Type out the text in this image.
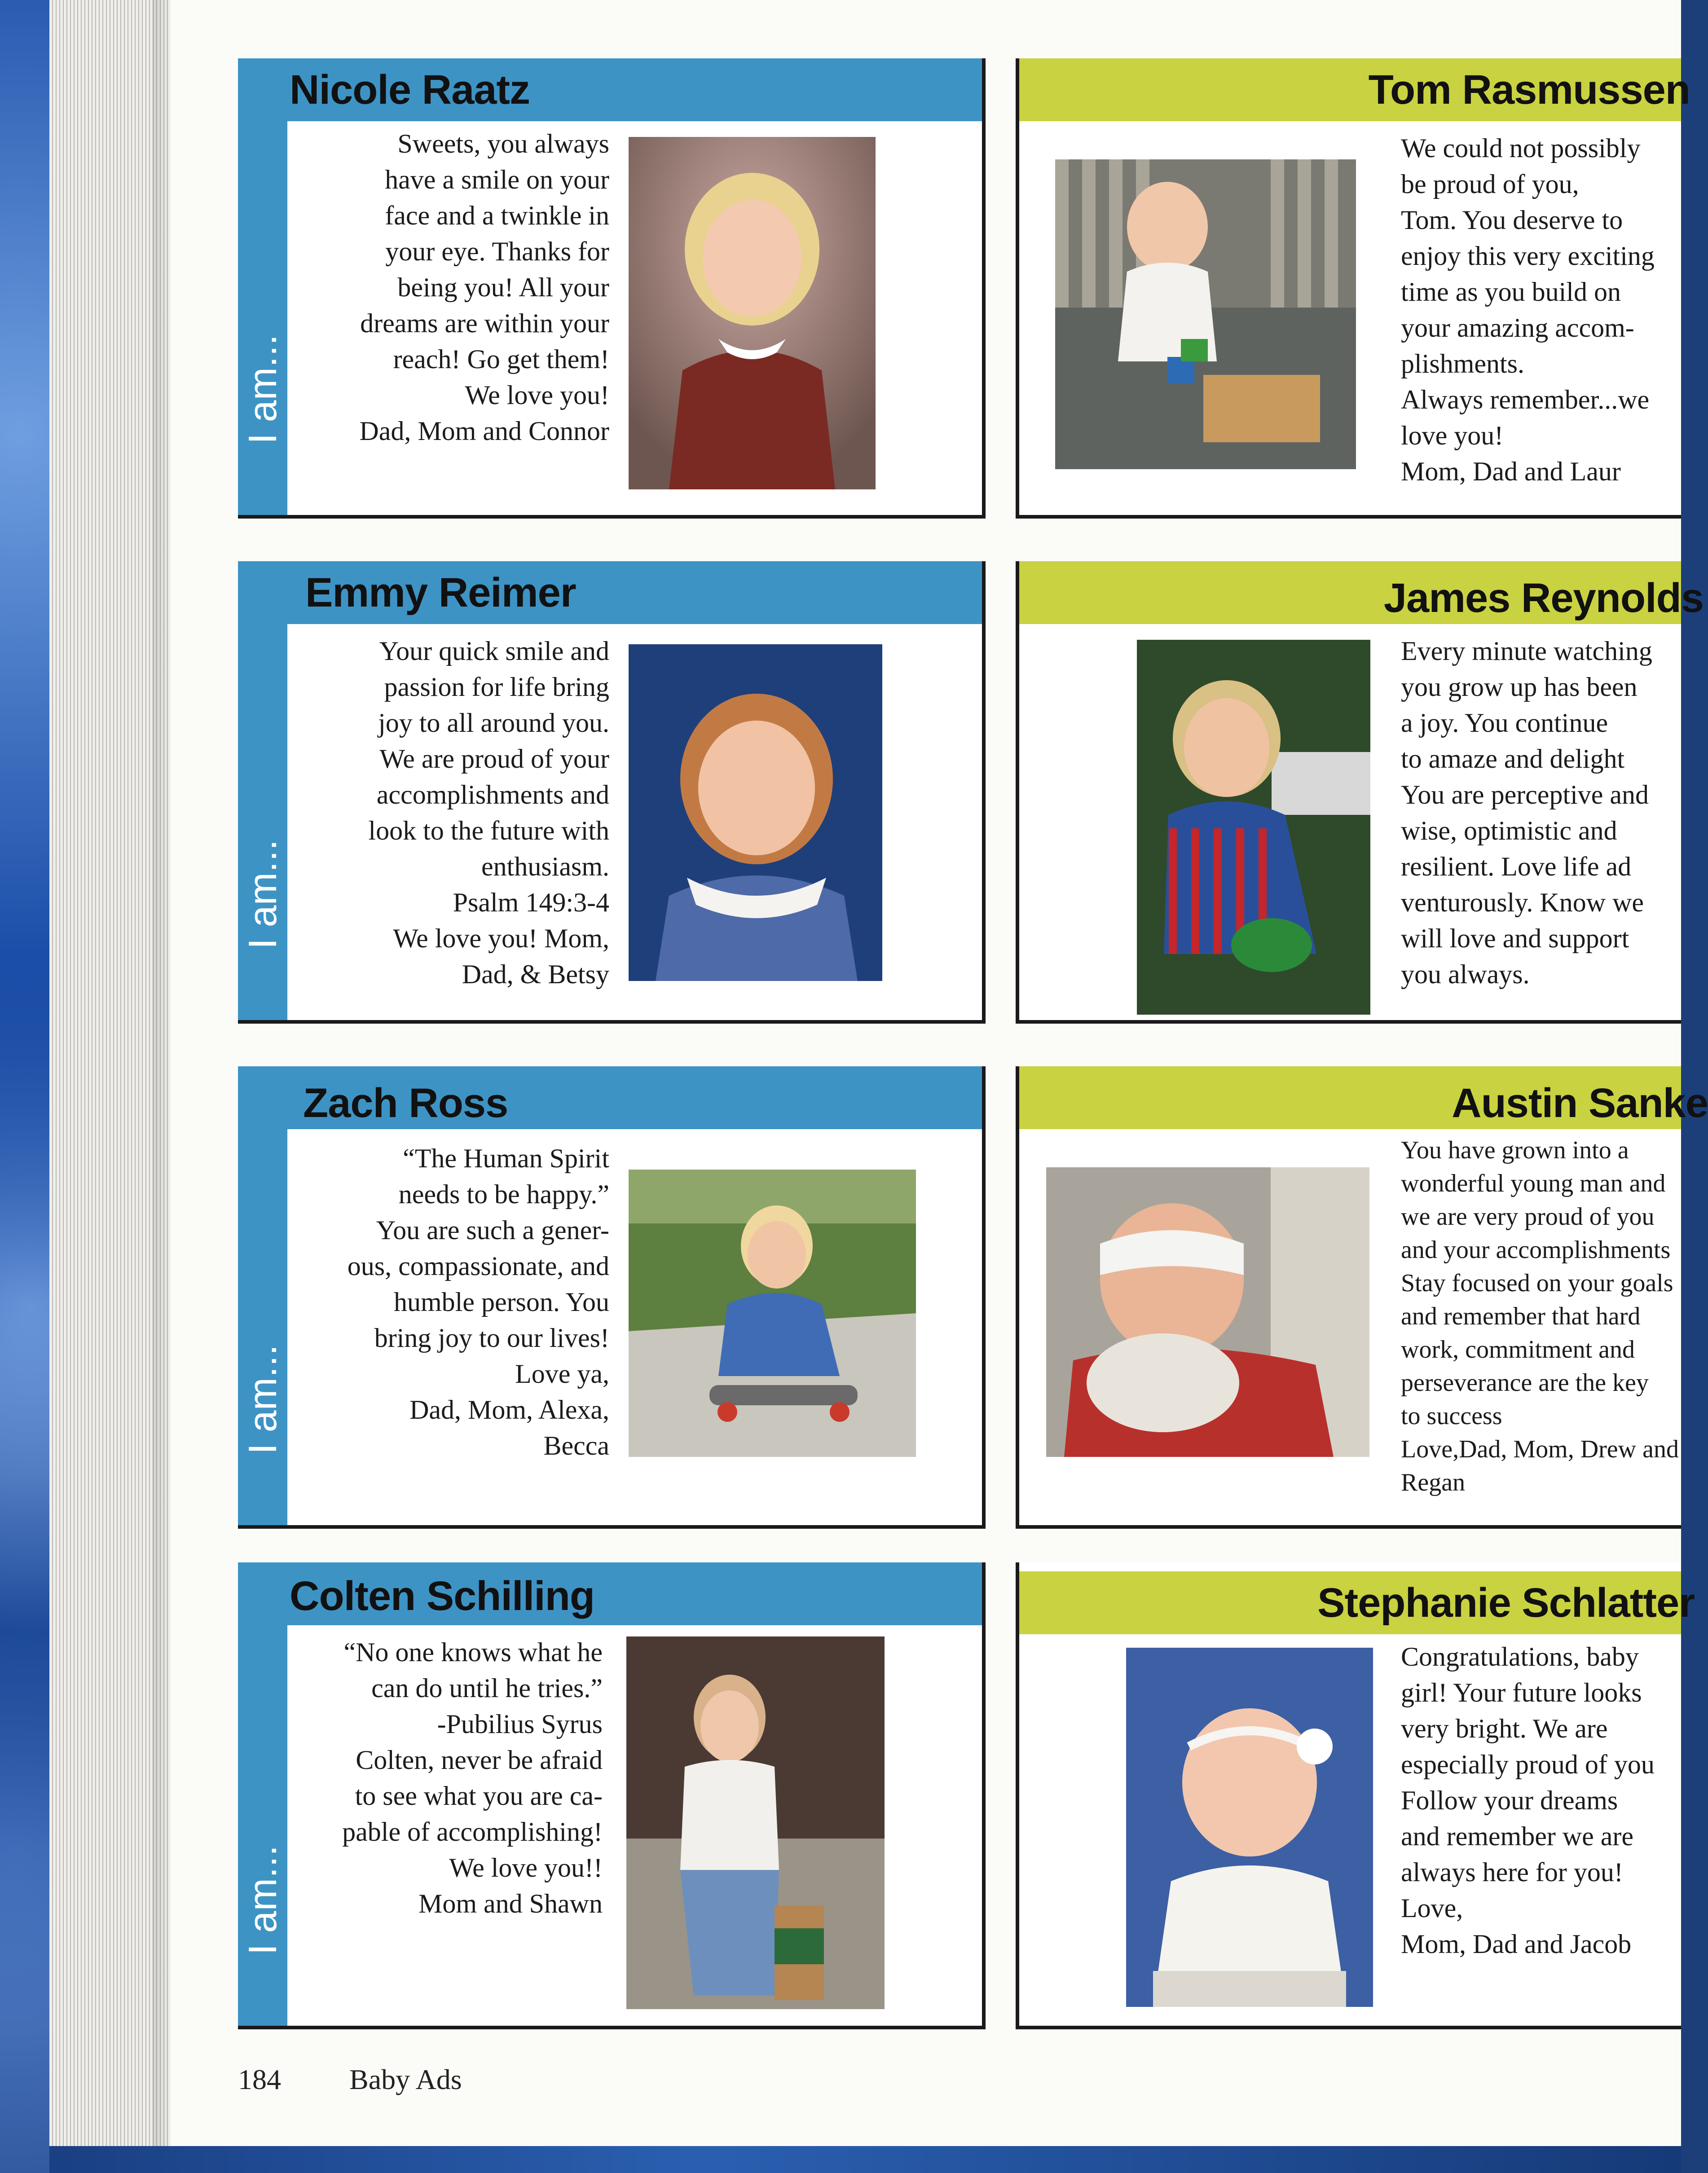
Nicole Raatz
I am...
Sweets, you always
have a smile on your
face and a twinkle in
your eye. Thanks for
being you! All your
dreams are within your
reach! Go get them!
We love you!
Dad, Mom and Connor
Tom Rasmussen
We could not possibly
be proud of you,
Tom. You deserve to
enjoy this very exciting
time as you build on
your amazing accom-
plishments.
Always remember...we
love you!
Mom, Dad and Laur
Emmy Reimer
I am...
Your quick smile and
passion for life bring
joy to all around you.
We are proud of your
accomplishments and
look to the future with
enthusiasm.
Psalm 149:3-4
We love you! Mom,
Dad, & Betsy
James Reynolds
Every minute watching
you grow up has been
a joy. You continue
to amaze and delight
You are perceptive and
wise, optimistic and
resilient. Love life ad
venturously. Know we
will love and support
you always.
Zach Ross
I am...
“The Human Spirit
needs to be happy.”
You are such a gener-
ous, compassionate, and
humble person. You
bring joy to our lives!
Love ya,
Dad, Mom, Alexa,
Becca
Austin Sanke
You have grown into a
wonderful young man and
we are very proud of you
and your accomplishments
Stay focused on your goals
and remember that hard
work, commitment and
perseverance are the key
to success
Love,Dad, Mom, Drew and
Regan
Colten Schilling
I am...
“No one knows what he
can do until he tries.”
-Pubilius Syrus
Colten, never be afraid
to see what you are ca-
pable of accomplishing!
We love you!!
Mom and Shawn
Stephanie Schlatter
Congratulations, baby
girl! Your future looks
very bright. We are
especially proud of you
Follow your dreams
and remember we are
always here for you!
Love,
Mom, Dad and Jacob
184 Baby Ads
